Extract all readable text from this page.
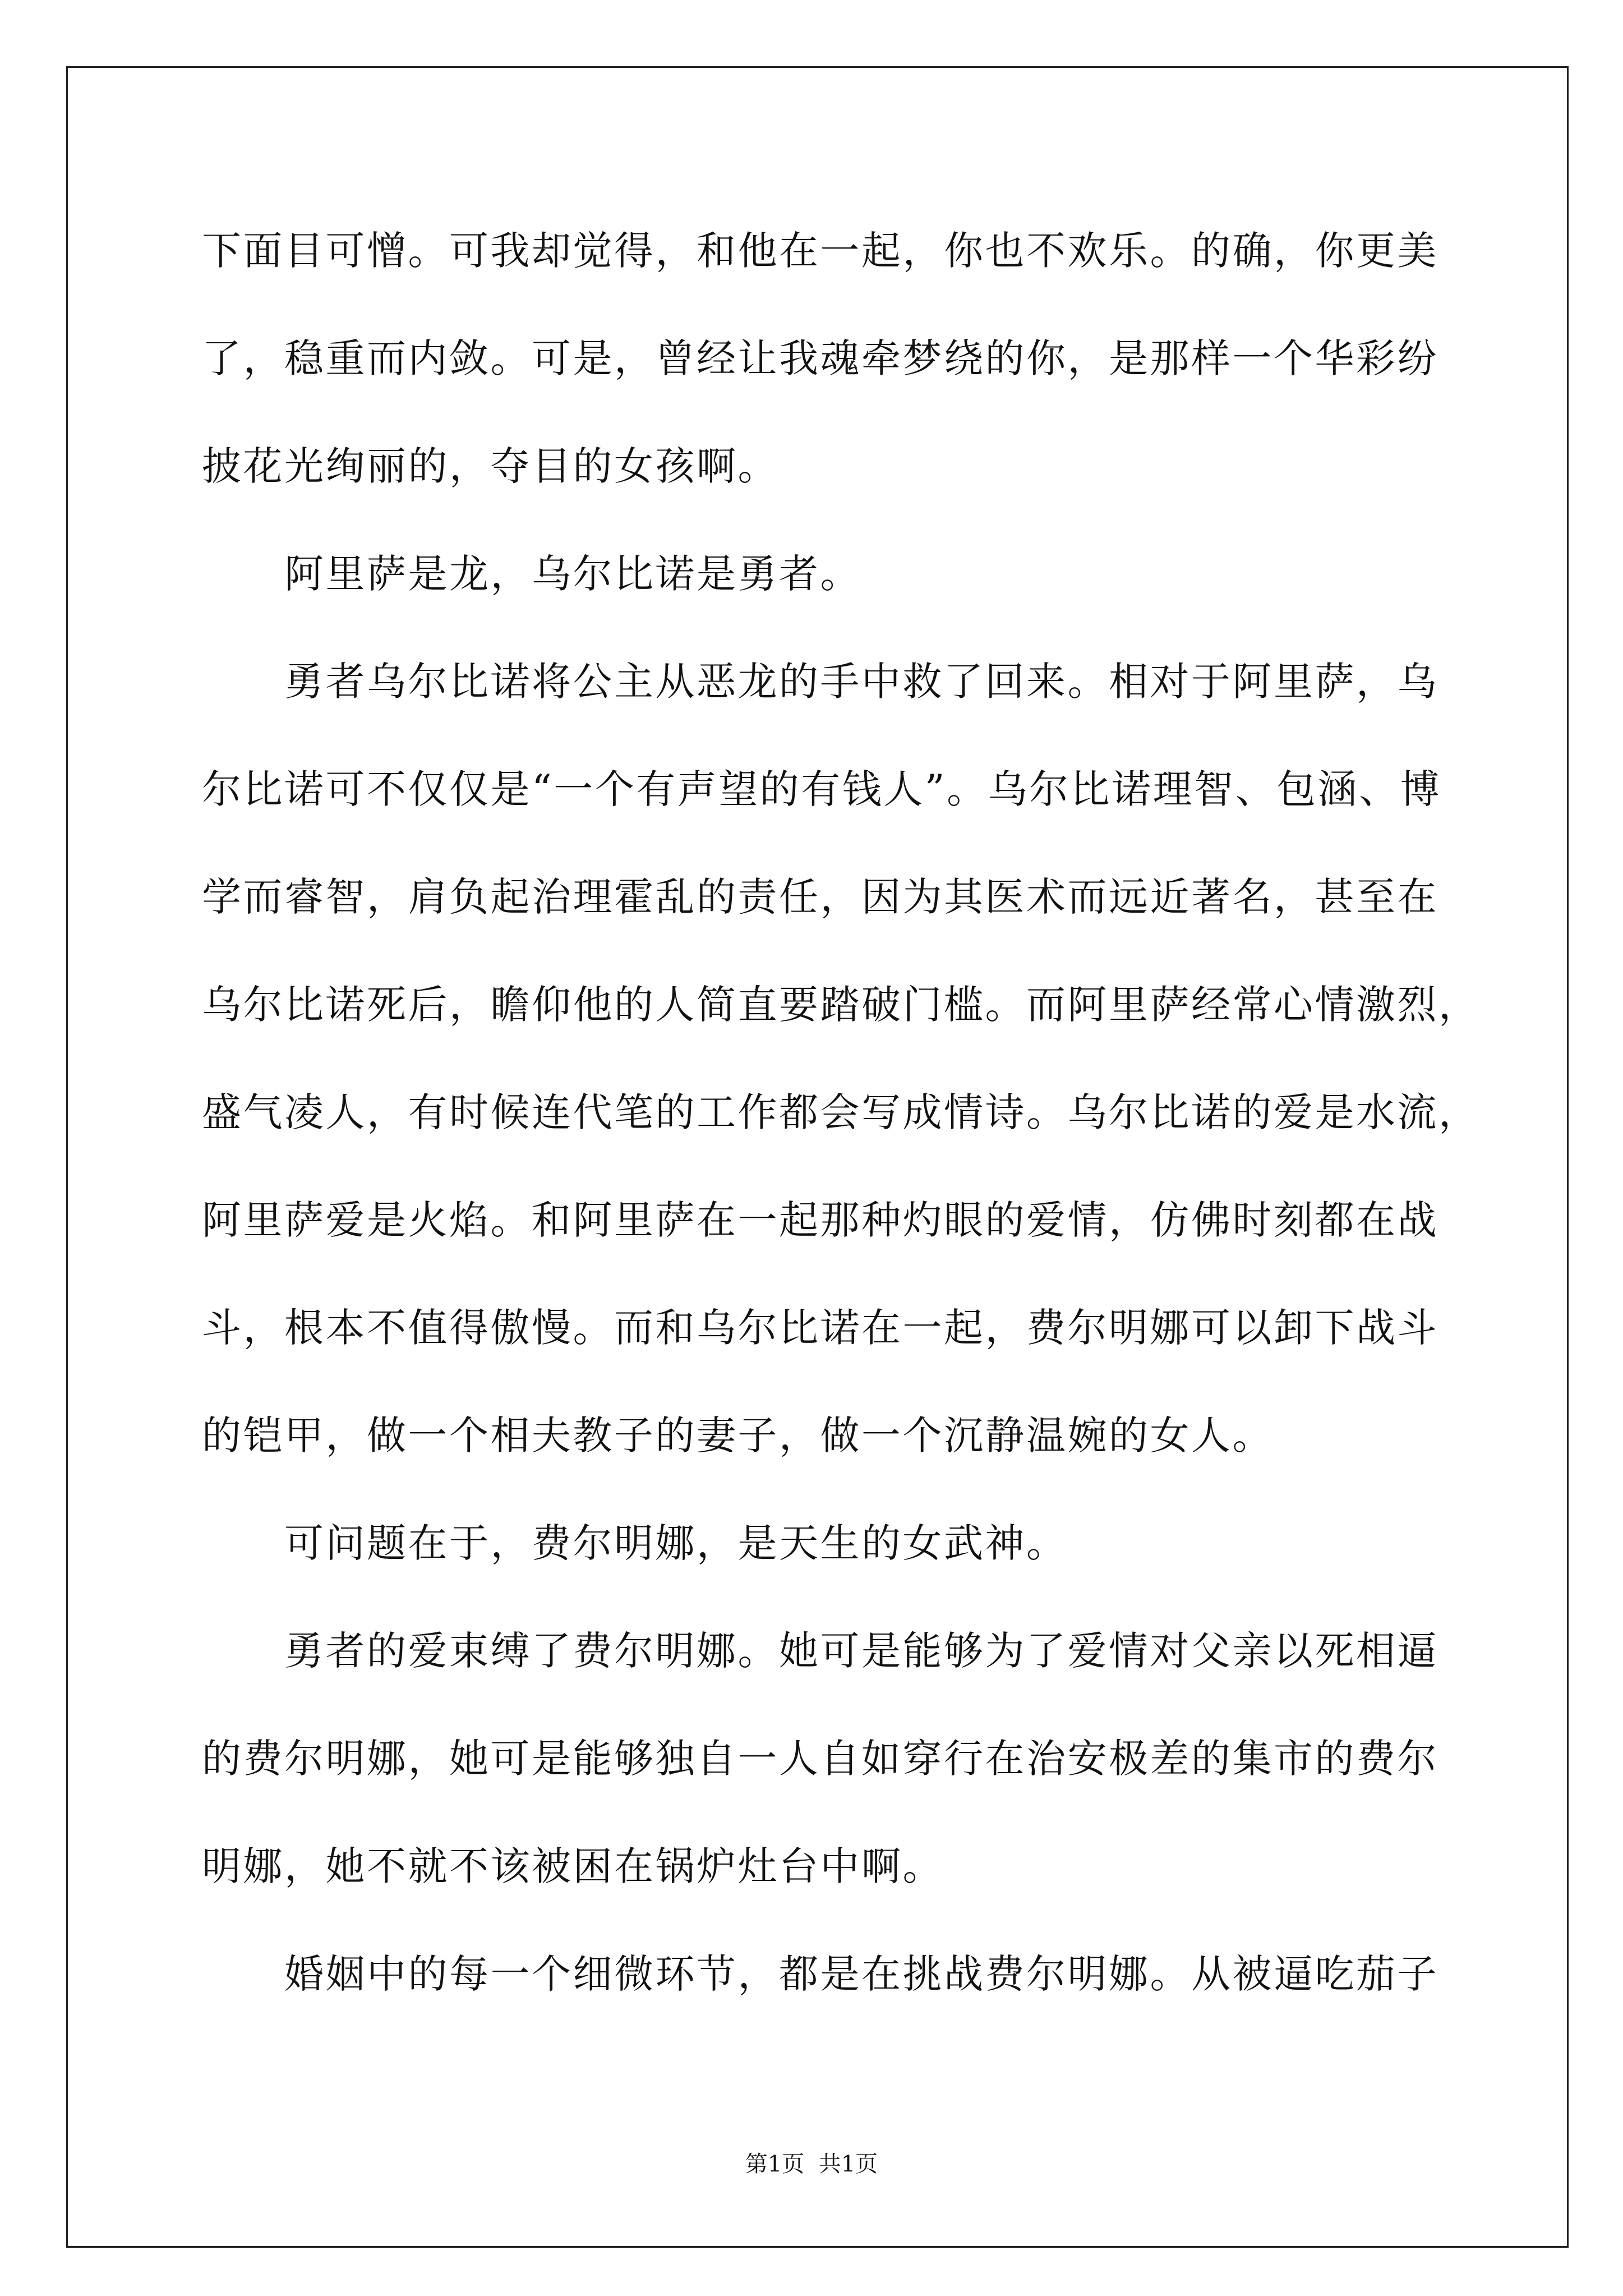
下面目可憎。可我却觉得，和他在一起，你也不欢乐。的确，你更美
了，稳重而内敛。可是，曾经让我魂牵梦绕的你，是那样一个华彩纷
披花光绚丽的，夺目的女孩啊。
阿里萨是龙，乌尔比诺是勇者。
勇者乌尔比诺将公主从恶龙的手中救了回来。相对于阿里萨，乌
尔比诺可不仅仅是“一个有声望的有钱人”。乌尔比诺理智、包涵、博
学而睿智，肩负起治理霍乱的责任，因为其医术而远近著名，甚至在
乌尔比诺死后，瞻仰他的人简直要踏破门槛。而阿里萨经常心情激烈，
盛气凌人，有时候连代笔的工作都会写成情诗。乌尔比诺的爱是水流，
阿里萨爱是火焰。和阿里萨在一起那种灼眼的爱情，仿佛时刻都在战
斗，根本不值得傲慢。而和乌尔比诺在一起，费尔明娜可以卸下战斗
的铠甲，做一个相夫教子的妻子，做一个沉静温婉的女人。
可问题在于，费尔明娜，是天生的女武神。
勇者的爱束缚了费尔明娜。她可是能够为了爱情对父亲以死相逼
的费尔明娜，她可是能够独自一人自如穿行在治安极差的集市的费尔
明娜，她不就不该被困在锅炉灶台中啊。
婚姻中的每一个细微环节，都是在挑战费尔明娜。从被逼吃茄子
第1页  共1页
